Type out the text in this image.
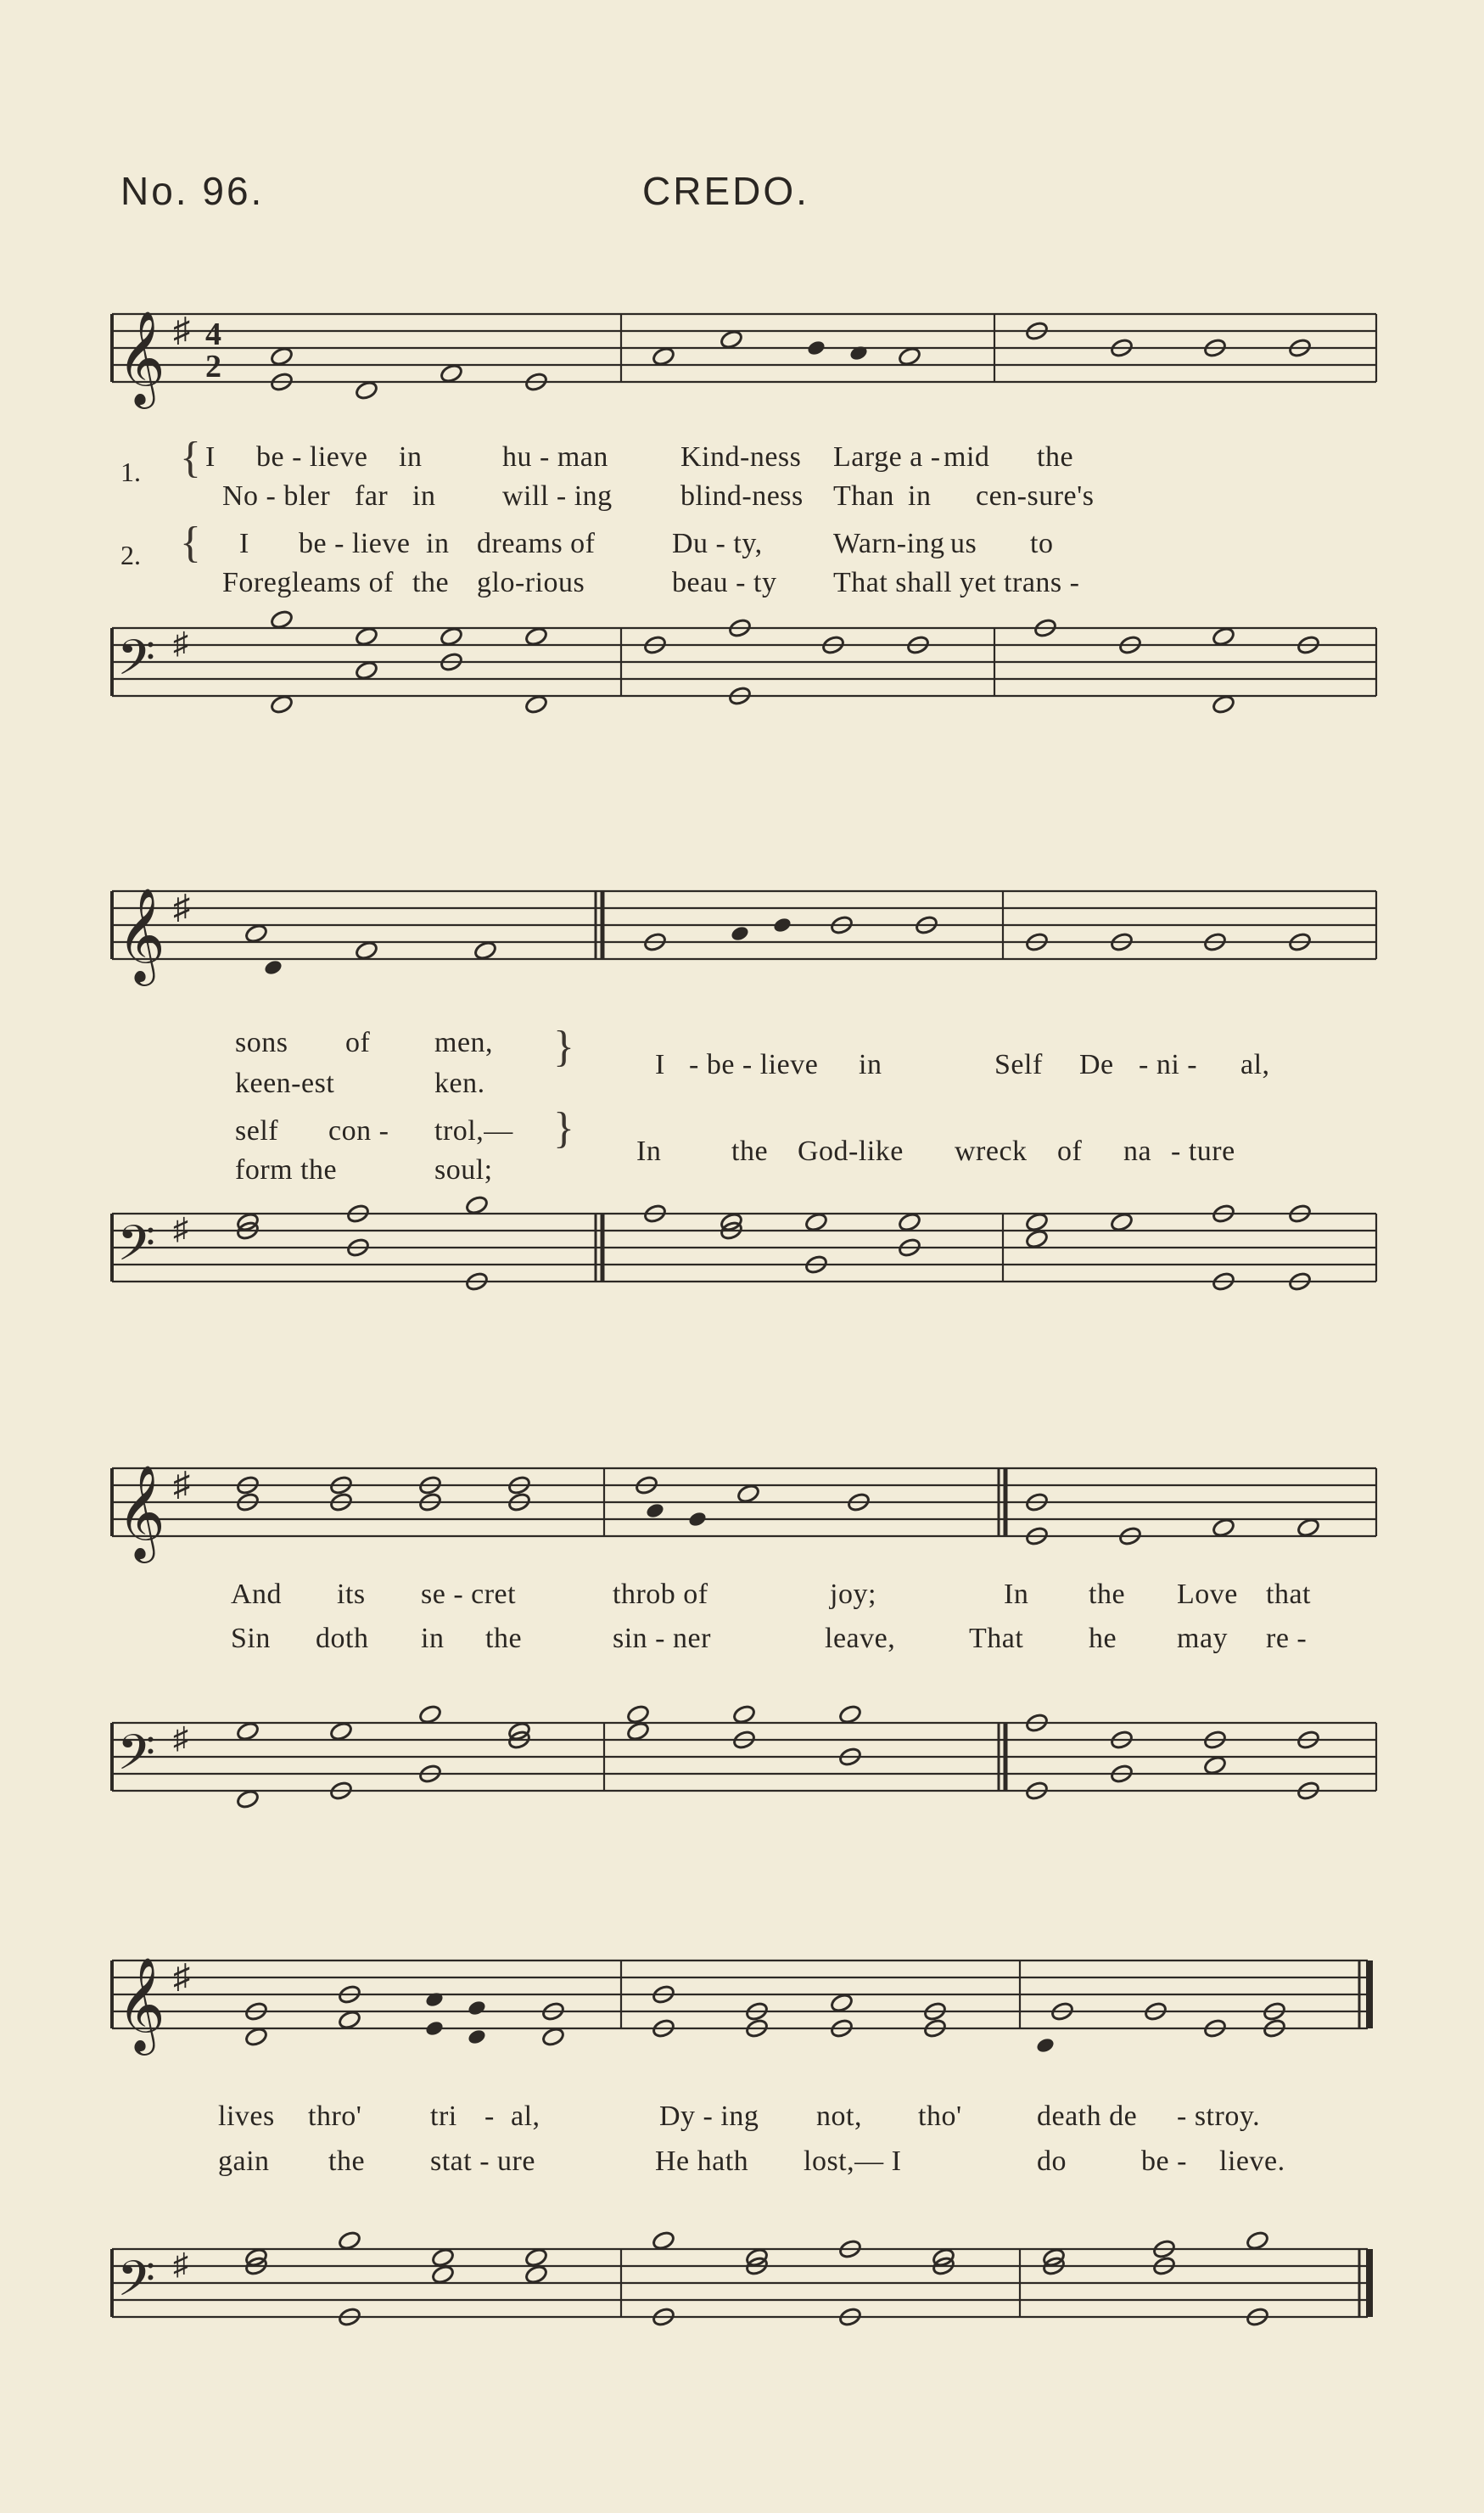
No. 96.	CREDO.
𝄞 ♯ 4
2
1.
2.
{
{
I be - lieve in	hu - man	Kind-ness Large a - mid the
No - bler far in will - ing blind-ness Than in cen-sure's
I be - lieve in dreams of	Du - ty, Warn-ing us to
Foregleams of the glo-rious	beau - ty That shall yet trans -
𝄢 ♯
𝄞 ♯
}
}
sons of men,
keen-est	ken.
I - be - lieve in	Self De - ni - al,
self con - trol,—
form the	soul;
In the God-like wreck of na - ture
𝄢 ♯
𝄞 ♯
And its se - cret	throb of	joy;	In the Love that
Sin doth in the	sin - ner	leave,	That he may re -
𝄢 ♯
𝄞 ♯
lives thro' tri - al,	Dy - ing not, tho'	death de - stroy.
gain the stat - ure	He hath lost,— I	do	be - lieve.
𝄢 ♯
